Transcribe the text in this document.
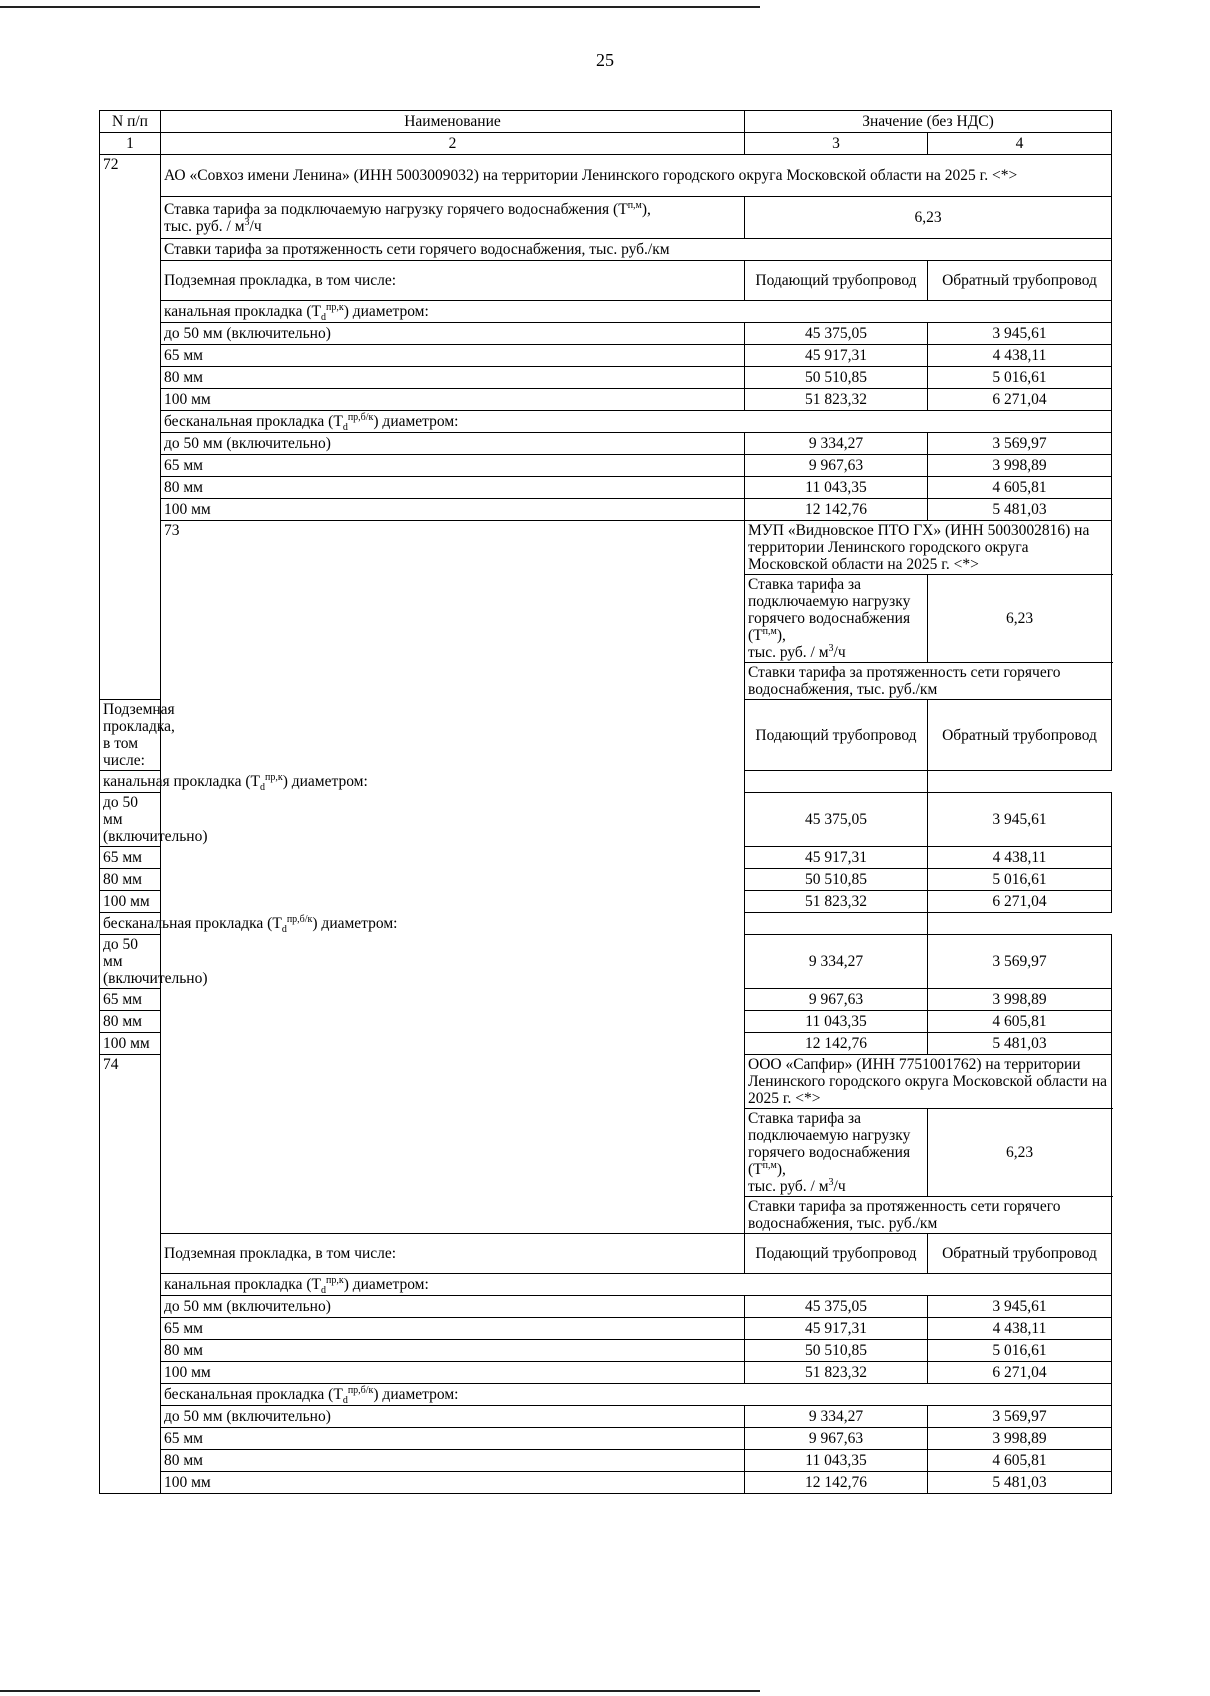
25
N п/п	Наименование	Значение (без НДС)	
1	2	3	4
72	АО «Совхоз имени Ленина» (ИНН 5003009032) на территории Ленинского городского округа Московской области на 2025 г. <*>		
	Ставка тарифа за подключаемую нагрузку горячего водоснабжения $(Т^{п,м})$,
тыс. руб. / $м^3/ч$	6,23	
	Ставки тарифа за протяженность сети горячего водоснабжения, тыс. руб./км		
	Подземная прокладка, в том числе:	Подающий трубопровод	Обратный трубопровод
	канальная прокладка $(Т_d^{пр,к})$ диаметром:		
	до 50 мм (включительно)	45 375,05	3 945,61
	65 мм	45 917,31	4 438,11
	80 мм	50 510,85	5 016,61
	100 мм	51 823,32	6 271,04
	бесканальная прокладка $(Т_d^{пр,б/к})$ диаметром:		
	до 50 мм (включительно)	9 334,27	3 569,97
	65 мм	9 967,63	3 998,89
	80 мм	11 043,35	4 605,81
	100 мм	12 142,76	5 481,03
	73	МУП «Видновское ПТО ГХ» (ИНН 5003002816) на территории Ленинского городского округа Московской области на 2025 г. <*>	
		Ставка тарифа за подключаемую нагрузку горячего водоснабжения $(Т^{п,м})$,
тыс. руб. / $м^3/ч$	6,23
		Ставки тарифа за протяженность сети горячего водоснабжения, тыс. руб./км	
Подземная прокладка, в том числе:		Подающий трубопровод	Обратный трубопровод
канальная прокладка $(Т_d^{пр,к})$ диаметром:			
до 50 мм (включительно)		45 375,05	3 945,61
65 мм		45 917,31	4 438,11
80 мм		50 510,85	5 016,61
100 мм		51 823,32	6 271,04
бесканальная прокладка $(Т_d^{пр,б/к})$ диаметром:			
до 50 мм (включительно)		9 334,27	3 569,97
65 мм		9 967,63	3 998,89
80 мм		11 043,35	4 605,81
100 мм		12 142,76	5 481,03
74		ООО «Сапфир» (ИНН 7751001762) на территории Ленинского городского округа Московской области на 2025 г. <*>	
		Ставка тарифа за подключаемую нагрузку горячего водоснабжения $(Т^{п,м})$,
тыс. руб. / $м^3/ч$	6,23
		Ставки тарифа за протяженность сети горячего водоснабжения, тыс. руб./км	
	Подземная прокладка, в том числе:	Подающий трубопровод	Обратный трубопровод
	канальная прокладка $(Т_d^{пр,к})$ диаметром:		
	до 50 мм (включительно)	45 375,05	3 945,61
	65 мм	45 917,31	4 438,11
	80 мм	50 510,85	5 016,61
	100 мм	51 823,32	6 271,04
	бесканальная прокладка $(Т_d^{пр,б/к})$ диаметром:		
	до 50 мм (включительно)	9 334,27	3 569,97
	65 мм	9 967,63	3 998,89
	80 мм	11 043,35	4 605,81
	100 мм	12 142,76	5 481,03
